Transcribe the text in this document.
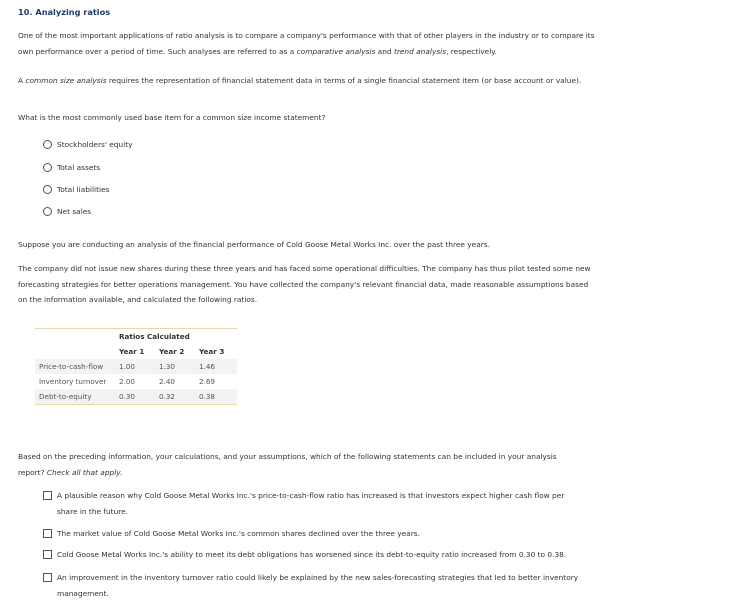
10. Analyzing ratios
One of the most important applications of ratio analysis is to compare a company's performance with that of other players in the industry or to compare its own performance over a period of time. Such analyses are referred to as a comparative analysis and trend analysis, respectively.
A common size analysis requires the representation of financial statement data in terms of a single financial statement item (or base account or value).
What is the most commonly used base item for a common size income statement?
Stockholders' equity
Total assets
Total liabilities
Net sales
Suppose you are conducting an analysis of the financial performance of Cold Goose Metal Works Inc. over the past three years.
The company did not issue new shares during these three years and has faced some operational difficulties. The company has thus pilot tested some new forecasting strategies for better operations management. You have collected the company's relevant financial data, made reasonable assumptions based on the information available, and calculated the following ratios.
	Ratios Calculated		
	Year 1	Year 2	Year 3
Price-to-cash-flow	1.00	1.30	1.46
Inventory turnover	2.00	2.40	2.69
Debt-to-equity	0.30	0.32	0.38
Based on the preceding information, your calculations, and your assumptions, which of the following statements can be included in your analysis report? Check all that apply.
A plausible reason why Cold Goose Metal Works Inc.'s price-to-cash-flow ratio has increased is that investors expect higher cash flow per share in the future.
The market value of Cold Goose Metal Works Inc.'s common shares declined over the three years.
Cold Goose Metal Works Inc.'s ability to meet its debt obligations has worsened since its debt-to-equity ratio increased from 0.30 to 0.38.
An improvement in the inventory turnover ratio could likely be explained by the new sales-forecasting strategies that led to better inventory management.
